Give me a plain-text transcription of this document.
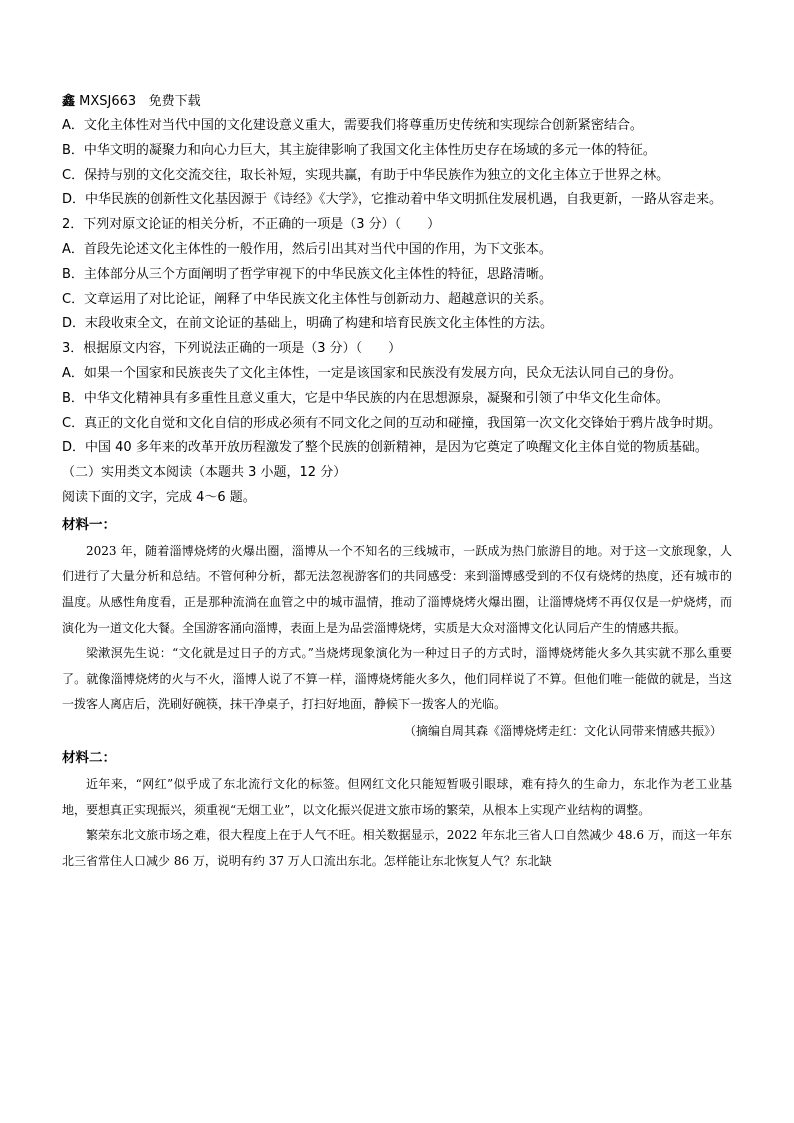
鑫 MXSJ663 免费下载
A．文化主体性对当代中国的文化建设意义重大，需要我们将尊重历史传统和实现综合创新紧密结合。
B．中华文明的凝聚力和向心力巨大，其主旋律影响了我国文化主体性历史存在场域的多元一体的特征。
C．保持与别的文化交流交往，取长补短，实现共赢，有助于中华民族作为独立的文化主体立于世界之林。
D．中华民族的创新性文化基因源于《诗经》《大学》，它推动着中华文明抓住发展机遇，自我更新，一路从容走来。
2．下列对原文论证的相关分析，不正确的一项是（3 分）（　　）
A．首段先论述文化主体性的一般作用，然后引出其对当代中国的作用，为下文张本。
B．主体部分从三个方面阐明了哲学审视下的中华民族文化主体性的特征，思路清晰。
C．文章运用了对比论证，阐释了中华民族文化主体性与创新动力、超越意识的关系。
D．末段收束全文，在前文论证的基础上，明确了构建和培育民族文化主体性的方法。
3．根据原文内容，下列说法正确的一项是（3 分）（　　）
A．如果一个国家和民族丧失了文化主体性，一定是该国家和民族没有发展方向，民众无法认同自己的身份。
B．中华文化精神具有多重性且意义重大，它是中华民族的内在思想源泉，凝聚和引领了中华文化生命体。
C．真正的文化自觉和文化自信的形成必须有不同文化之间的互动和碰撞，我国第一次文化交锋始于鸦片战争时期。
D．中国 40 多年来的改革开放历程激发了整个民族的创新精神，是因为它奠定了唤醒文化主体自觉的物质基础。
（二）实用类文本阅读（本题共 3 小题，12 分）
阅读下面的文字，完成 4～6 题。
材料一：
2023 年，随着淄博烧烤的火爆出圈，淄博从一个不知名的三线城市，一跃成为热门旅游目的地。对于这一文旅现象，人们进行了大量分析和总结。不管何种分析，都无法忽视游客们的共同感受：来到淄博感受到的不仅有烧烤的热度，还有城市的温度。从感性角度看，正是那种流淌在血管之中的城市温情，推动了淄博烧烤火爆出圈，让淄博烧烤不再仅仅是一炉烧烤，而演化为一道文化大餐。全国游客涌向淄博，表面上是为品尝淄博烧烤，实质是大众对淄博文化认同后产生的情感共振。
梁漱溟先生说：“文化就是过日子的方式。”当烧烤现象演化为一种过日子的方式时，淄博烧烤能火多久其实就不那么重要了。就像淄博烧烤的火与不火，淄博人说了不算一样，淄博烧烤能火多久，他们同样说了不算。但他们唯一能做的就是，当这一拨客人离店后，洗刷好碗筷，抹干净桌子，打扫好地面，静候下一拨客人的光临。
（摘编自周其森《淄博烧烤走红：文化认同带来情感共振》）
材料二：
近年来，“网红”似乎成了东北流行文化的标签。但网红文化只能短暂吸引眼球，难有持久的生命力，东北作为老工业基地，要想真正实现振兴，须重视“无烟工业”，以文化振兴促进文旅市场的繁荣，从根本上实现产业结构的调整。
繁荣东北文旅市场之难，很大程度上在于人气不旺。相关数据显示，2022 年东北三省人口自然减少 48.6 万，而这一年东北三省常住人口减少 86 万，说明有约 37 万人口流出东北。怎样能让东北恢复人气？东北缺
